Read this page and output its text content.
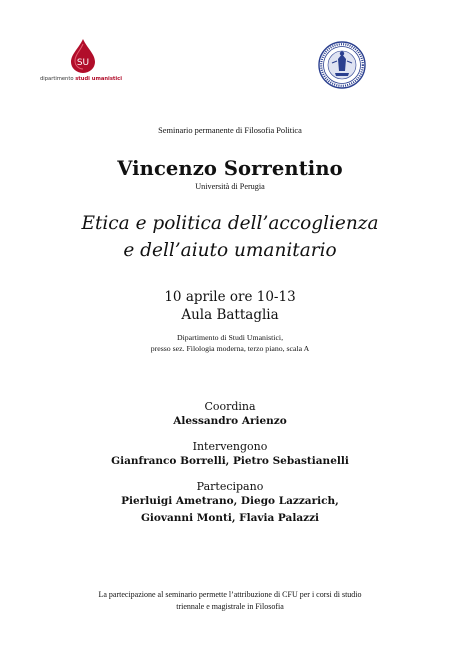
SU
dipartimento studi umanistici
Seminario permanente di Filosofia Politica
Vincenzo Sorrentino
Università di Perugia
Etica e politica dell’accoglienza
e dell’aiuto umanitario
10 aprile ore 10-13
Aula Battaglia
Dipartimento di Studi Umanistici,
presso sez. Filologia moderna, terzo piano, scala A
Coordina
Alessandro Arienzo
Intervengono
Gianfranco Borrelli, Pietro Sebastianelli
Partecipano
Pierluigi Ametrano, Diego Lazzarich,
Giovanni Monti, Flavia Palazzi
La partecipazione al seminario permette l’attribuzione di CFU per i corsi di studio
triennale e magistrale in Filosofia
